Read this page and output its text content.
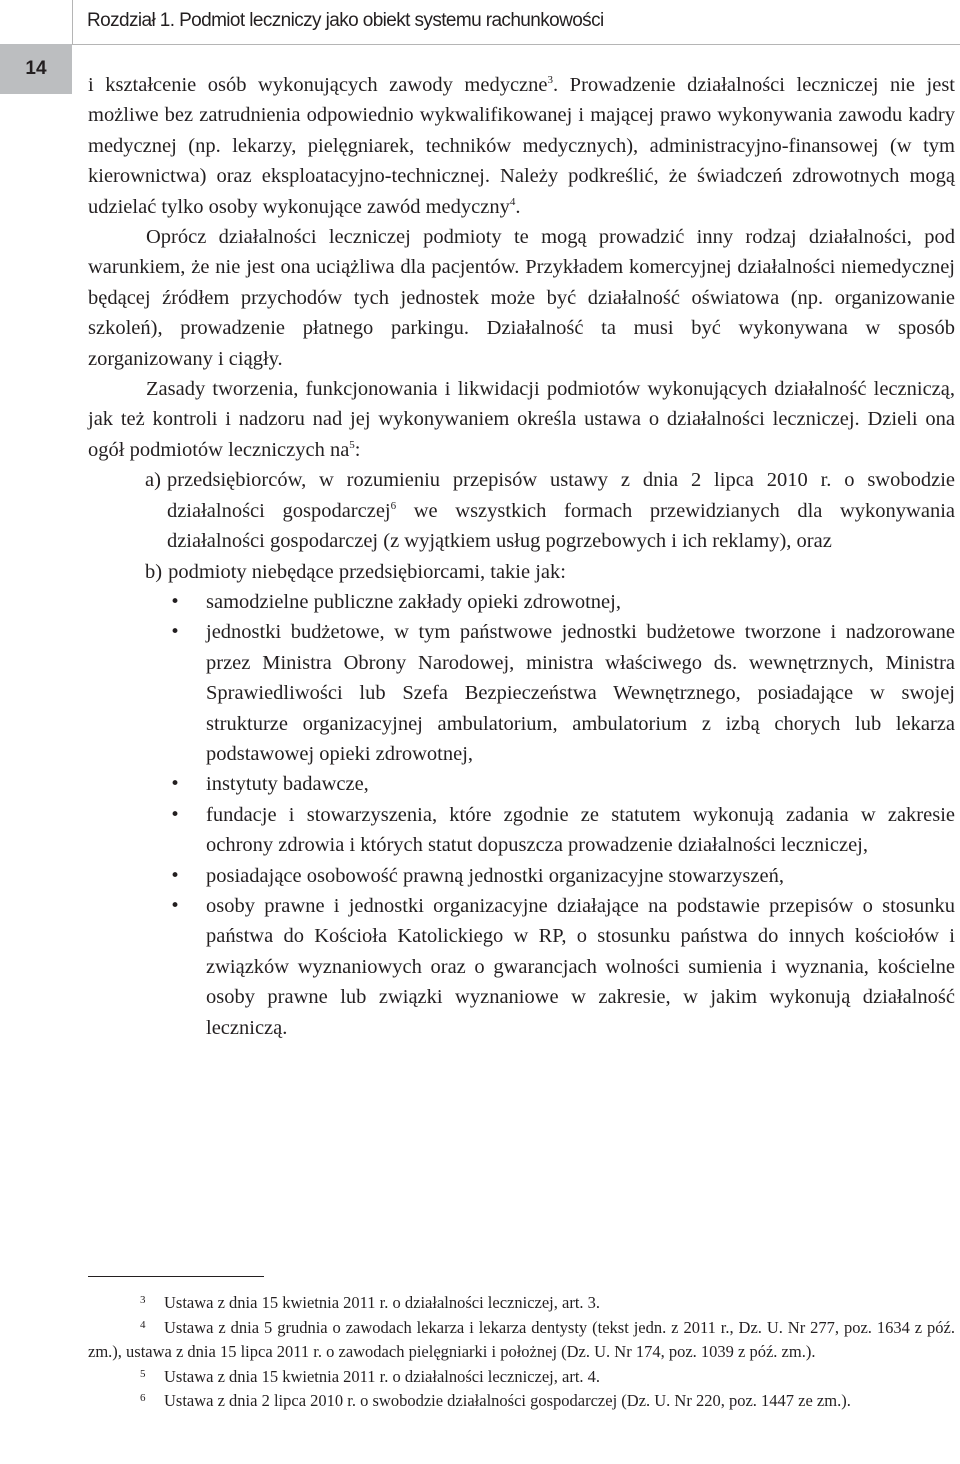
Rozdział 1. Podmiot leczniczy jako obiekt systemu rachunkowości
14

i kształcenie osób wykonujących zawody medyczne$^3$. Prowadzenie działalności leczniczej nie jest możliwe bez zatrudnienia odpowiednio wykwalifikowanej i mającej prawo wykonywania zawodu kadry medycznej (np. lekarzy, pielęgniarek, techników medycznych), administracyjno-finansowej (w tym kierownictwa) oraz eksploatacyjno-technicznej. Należy podkreślić, że świadczeń zdrowotnych mogą udzielać tylko osoby wykonujące zawód medyczny$^4$.

Oprócz działalności leczniczej podmioty te mogą prowadzić inny rodzaj działalności, pod warunkiem, że nie jest ona uciążliwa dla pacjentów. Przykładem komercyjnej działalności niemedycznej będącej źródłem przychodów tych jednostek może być działalność oświatowa (np. organizowanie szkoleń), prowadzenie płatnego parkingu. Działalność ta musi być wykonywana w sposób zorganizowany i ciągły.

Zasady tworzenia, funkcjonowania i likwidacji podmiotów wykonujących działalność leczniczą, jak też kontroli i nadzoru nad jej wykonywaniem określa ustawa o działalności leczniczej. Dzieli ona ogół podmiotów leczniczych $na^5$:

a) przedsiębiorców, w rozumieniu przepisów ustawy z dnia 2 lipca 2010 r. o swobodzie działalności gospodarczej$^6$ we wszystkich formach przewidzianych dla wykonywania działalności gospodarczej (z wyjątkiem usług pogrzebowych i ich reklamy), oraz
b) podmioty niebędące przedsiębiorcami, takie jak:
•	samodzielne publiczne zakłady opieki zdrowotnej,
•	jednostki budżetowe, w tym państwowe jednostki budżetowe tworzone i nadzorowane przez Ministra Obrony Narodowej, ministra właściwego ds. wewnętrznych, Ministra Sprawiedliwości lub Szefa Bezpieczeństwa Wewnętrznego, posiadające w swojej strukturze organizacyjnej ambulatorium, ambulatorium z izbą chorych lub lekarza podstawowej opieki zdrowotnej,
•	instytuty badawcze,
•	fundacje i stowarzyszenia, które zgodnie ze statutem wykonują zadania w zakresie ochrony zdrowia i których statut dopuszcza prowadzenie działalności leczniczej,
•	posiadające osobowość prawną jednostki organizacyjne stowarzyszeń,
•	osoby prawne i jednostki organizacyjne działające na podstawie przepisów o stosunku państwa do Kościoła Katolickiego w RP, o stosunku państwa do innych kościołów i związków wyznaniowych oraz o gwarancjach wolności sumienia i wyznania, kościelne osoby prawne lub związki wyznaniowe w zakresie, w jakim wykonują działalność leczniczą.

3 Ustawa z dnia 15 kwietnia 2011 r. o działalności leczniczej, art. 3.

4 Ustawa z dnia 5 grudnia o zawodach lekarza i lekarza dentysty (tekst jedn. z 2011 r., Dz. U. Nr 277, poz. 1634 z póź. zm.), ustawa z dnia 15 lipca 2011 r. o zawodach pielęgniarki i położnej (Dz. U. Nr 174, poz. 1039 z póź. zm.).

5 Ustawa z dnia 15 kwietnia 2011 r. o działalności leczniczej, art. 4.

6 Ustawa z dnia 2 lipca 2010 r. o swobodzie działalności gospodarczej (Dz. U. Nr 220, poz. 1447 ze zm.).
